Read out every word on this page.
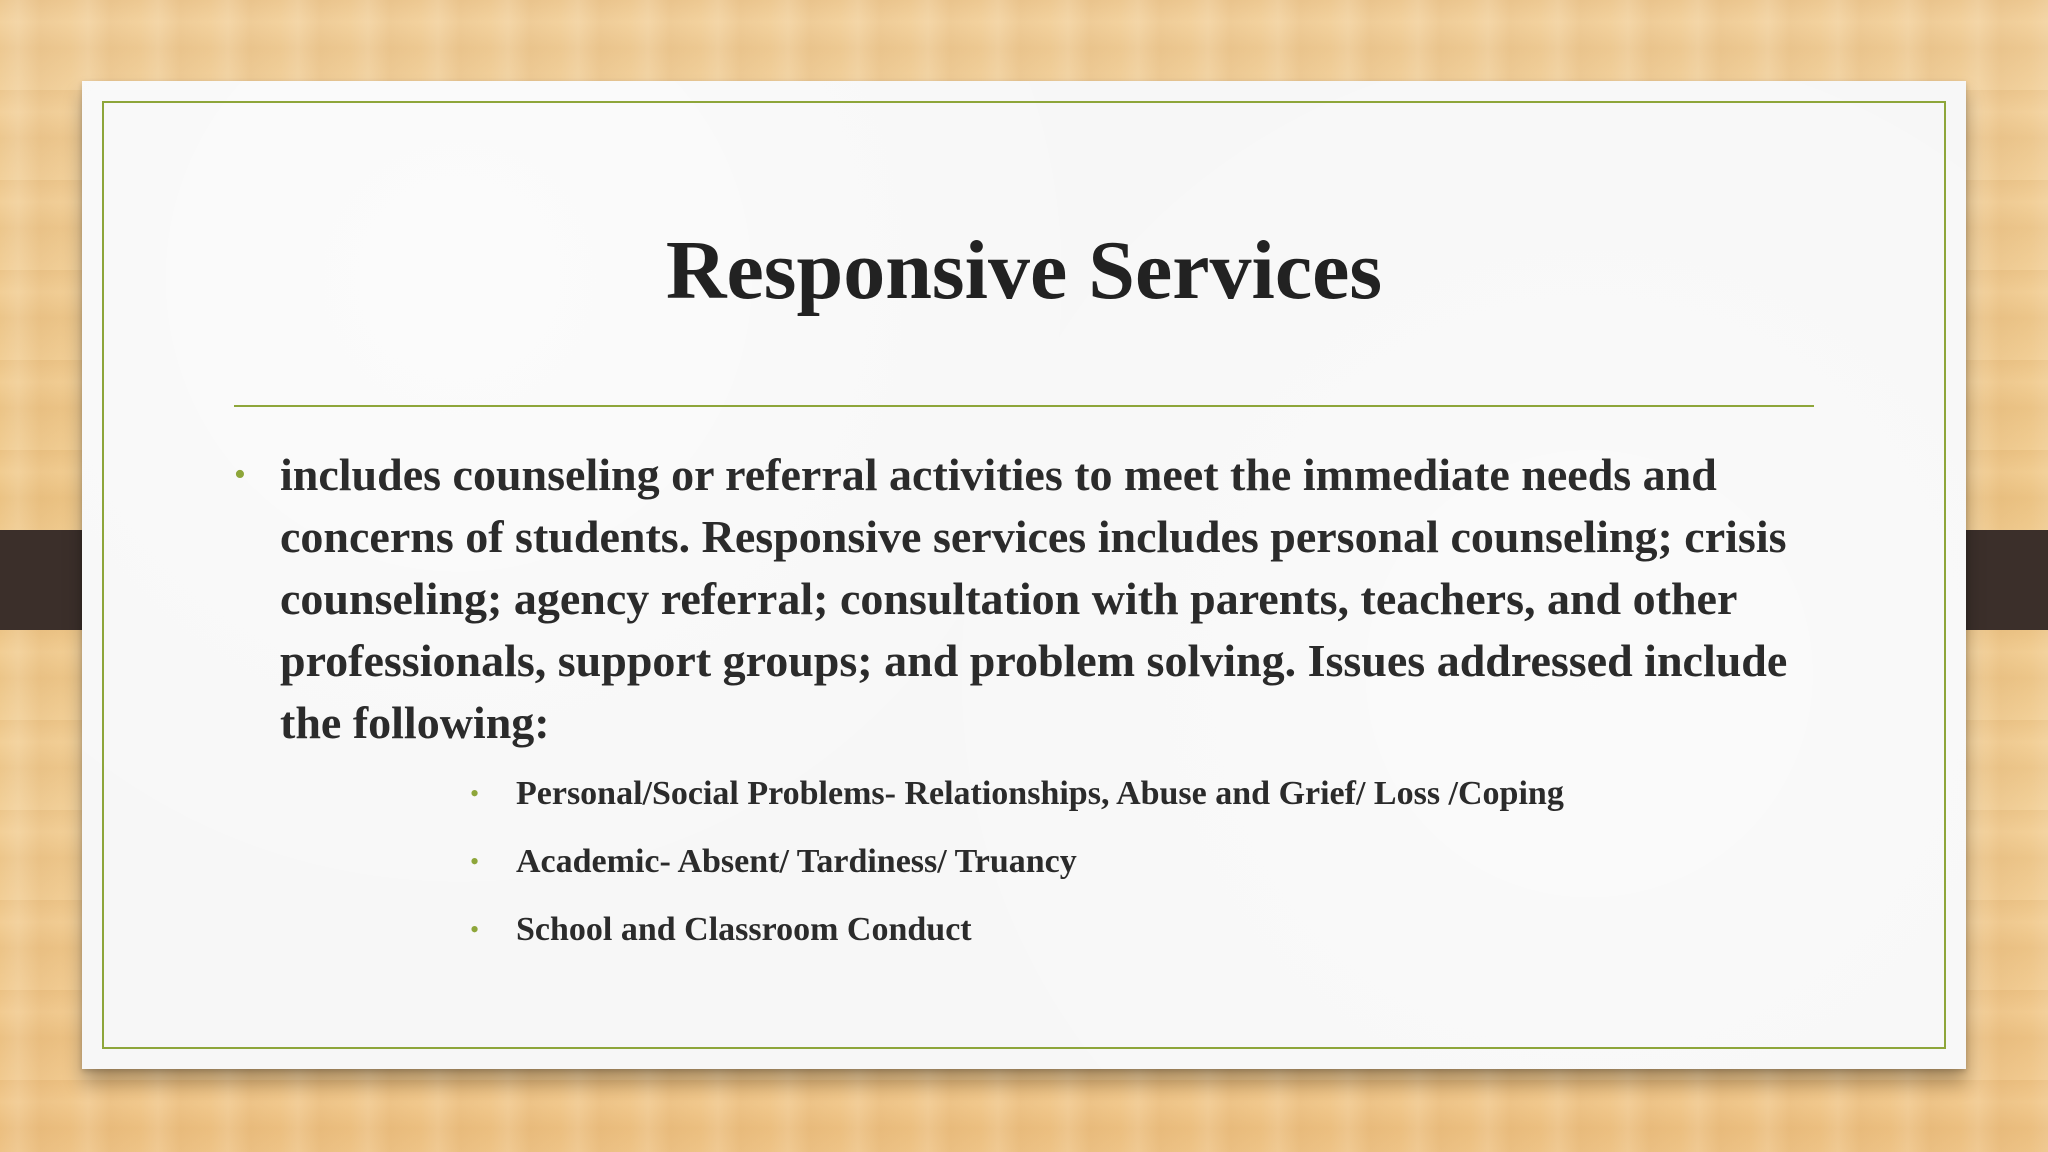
Responsive Services
• includes counseling or referral activities to meet the immediate needs and concerns of students. Responsive services includes personal counseling; crisis counseling; agency referral; consultation with parents, teachers, and other professionals, support groups; and problem solving. Issues addressed include the following:

•	Personal/Social Problems- Relationships, Abuse and Grief/ Loss /Coping
•	Academic- Absent/ Tardiness/ Truancy
•	School and Classroom Conduct
